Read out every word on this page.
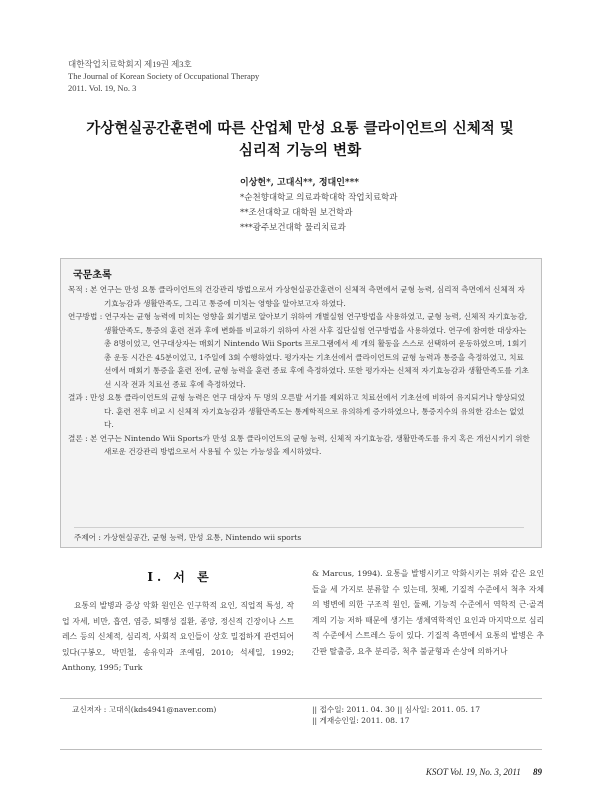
대한작업치료학회지 제19권 제3호
The Journal of Korean Society of Occupational Therapy
2011. Vol. 19, No. 3
가상현실공간훈련에 따른 산업체 만성 요통 클라이언트의 신체적 및
심리적 기능의 변화
이상헌*, 고대식**, 정대인***
*순천향대학교 의료과학대학 작업치료학과
**조선대학교 대학원 보건학과
***광주보건대학 물리치료과
국문초록

목적 : 본 연구는 만성 요통 클라이언트의 건강관리 방법으로서 가상현실공간훈련이 신체적 측면에서 균형 능력, 심리적 측면에서 신체적 자기효능감과 생활만족도, 그리고 통증에 미치는 영향을 알아보고자 하였다.

연구방법 : 연구자는 균형 능력에 미치는 영향을 회기별로 알아보기 위하여 개별실험 연구방법을 사용하였고, 균형 능력, 신체적 자기효능감, 생활만족도, 통증의 훈련 전과 후에 변화를 비교하기 위하여 사전 사후 집단실험 연구방법을 사용하였다. 연구에 참여한 대상자는 총 8명이었고, 연구대상자는 매회기 Nintendo Wii Sports 프로그램에서 세 개의 활동을 스스로 선택하여 운동하였으며, 1회기 총 운동 시간은 45분이었고, 1주일에 3회 수행하였다. 평가자는 기초선에서 클라이언트의 균형 능력과 통증을 측정하였고, 치료선에서 매회기 통증을 훈련 전에, 균형 능력을 훈련 종료 후에 측정하였다. 또한 평가자는 신체적 자기효능감과 생활만족도를 기초선 시작 전과 치료선 종료 후에 측정하였다.

결과 : 만성 요통 클라이언트의 균형 능력은 연구 대상자 두 명의 오른발 서기를 제외하고 치료선에서 기초선에 비하여 유지되거나 향상되었다. 훈련 전후 비교 시 신체적 자기효능감과 생활만족도는 통계학적으로 유의하게 증가하였으나, 통증지수의 유의한 감소는 없었다.

결론 : 본 연구는 Nintendo Wii Sports가 만성 요통 클라이언트의 균형 능력, 신체적 자기효능감, 생활만족도를 유지 혹은 개선시키기 위한 새로운 건강관리 방법으로서 사용될 수 있는 가능성을 제시하였다.

주제어 : 가상현실공간, 균형 능력, 만성 요통, Nintendo wii sports
Ⅰ. 서 론
요통의 발병과 증상 악화 원인은 인구학적 요인, 직업적 특성, 작업 자세, 비만, 흡연, 염증, 퇴행성 질환, 종양, 정신적 긴장이나 스트레스 등의 신체적, 심리적, 사회적 요인들이 상호 밀접하게 관련되어 있다(구봉오, 박민철, 송유익과 조예림, 2010; 석세일, 1992; Anthony, 1995; Turk
& Marcus, 1994). 요통을 발병시키고 악화시키는 위와 같은 요인들을 세 가지로 분류할 수 있는데, 첫째, 기질적 수준에서 척추 자체의 병변에 의한 구조적 원인, 둘째, 기능적 수준에서 역학적 근·골격계의 기능 저하 때문에 생기는 생체역학적인 요인과 마지막으로 심리적 수준에서 스트레스 등이 있다. 기질적 측면에서 요통의 발병은 추간판 탈출증, 요추 분리증, 척추 불균형과 손상에 의하거나
교신저자 : 고대식(kds4941@naver.com)	|| 접수일: 2011. 04. 30 || 심사일: 2011. 05. 17
|| 게재승인일: 2011. 08. 17
KSOT Vol. 19, No. 3, 2011 89
